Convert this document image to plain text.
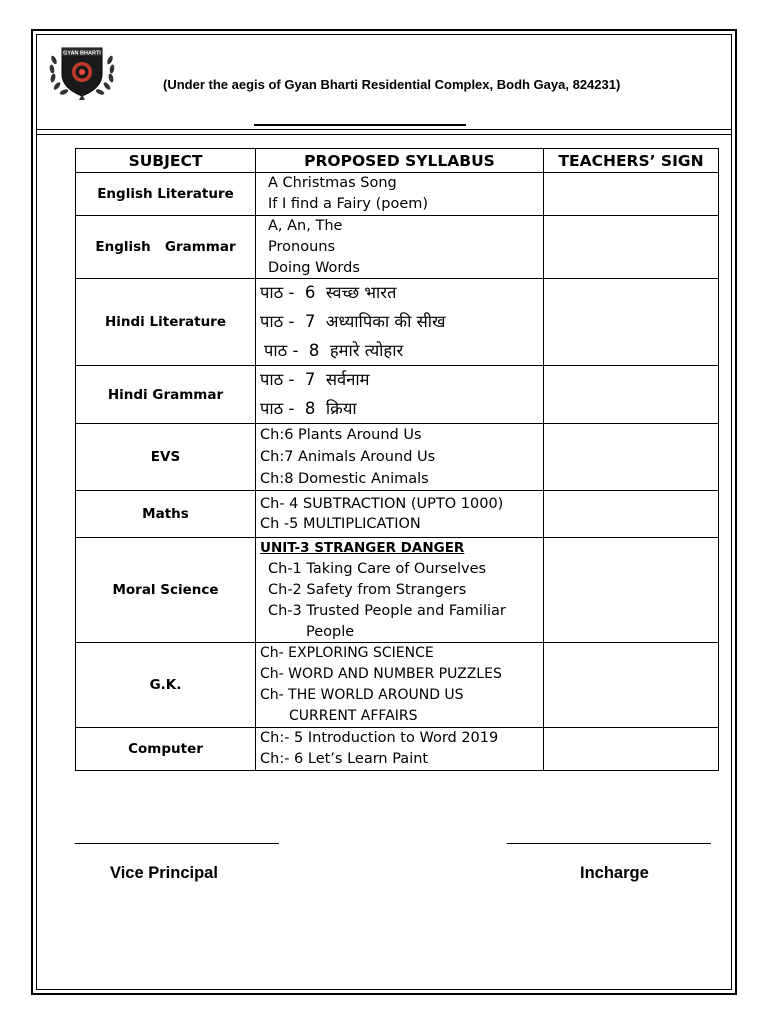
GYAN BHARTI
(Under the aegis of Gyan Bharti Residential Complex, Bodh Gaya, 824231)
SUBJECT	PROPOSED SYLLABUS	TEACHERS’ SIGN
English Literature	A Christmas Song
If I find a Fairy (poem)	

English   Grammar	A, An, The
Pronouns
Doing Words	

Hindi Literature	पाठ -  6  स्वच्छ भारत
पाठ -  7  अध्यापिका की सीख
पाठ -  8  हमारे त्योहार	

Hindi Grammar	पाठ -  7  सर्वनाम
पाठ -  8  क्रिया	

EVS	Ch:6 Plants Around Us
Ch:7 Animals Around Us
Ch:8 Domestic Animals	

Maths	Ch- 4 SUBTRACTION (UPTO 1000)
Ch -5 MULTIPLICATION	

Moral Science	UNIT-3 STRANGER DANGER
Ch-1 Taking Care of Ourselves
Ch-2 Safety from Strangers
Ch-3 Trusted People and Familiar
People	

G.K.	Ch- EXPLORING SCIENCE
Ch- WORD AND NUMBER PUZZLES
Ch- THE WORLD AROUND US
CURRENT AFFAIRS	

Computer	Ch:- 5 Introduction to Word 2019
Ch:- 6 Let’s Learn Paint	

Vice Principal	Incharge
